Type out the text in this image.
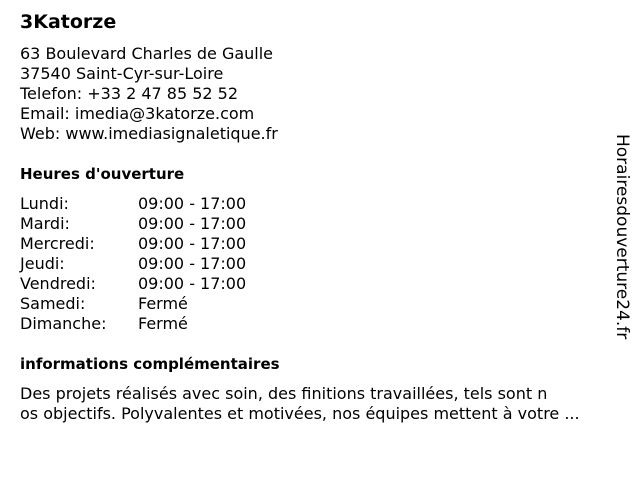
3Katorze
63 Boulevard Charles de Gaulle
37540 Saint-Cyr-sur-Loire
Telefon: +33 2 47 85 52 52
Email: imedia@3katorze.com
Web: www.imediasignaletique.fr
Heures d'ouverture
Lundi:	09:00 - 17:00
Mardi:	09:00 - 17:00
Mercredi:	09:00 - 17:00
Jeudi:	09:00 - 17:00
Vendredi:	09:00 - 17:00
Samedi:	Fermé
Dimanche:	Fermé
informations complémentaires
Des projets réalisés avec soin, des finitions travaillées, tels sont n
os objectifs. Polyvalentes et motivées, nos équipes mettent à votre ...
Horairesdouverture24.fr
